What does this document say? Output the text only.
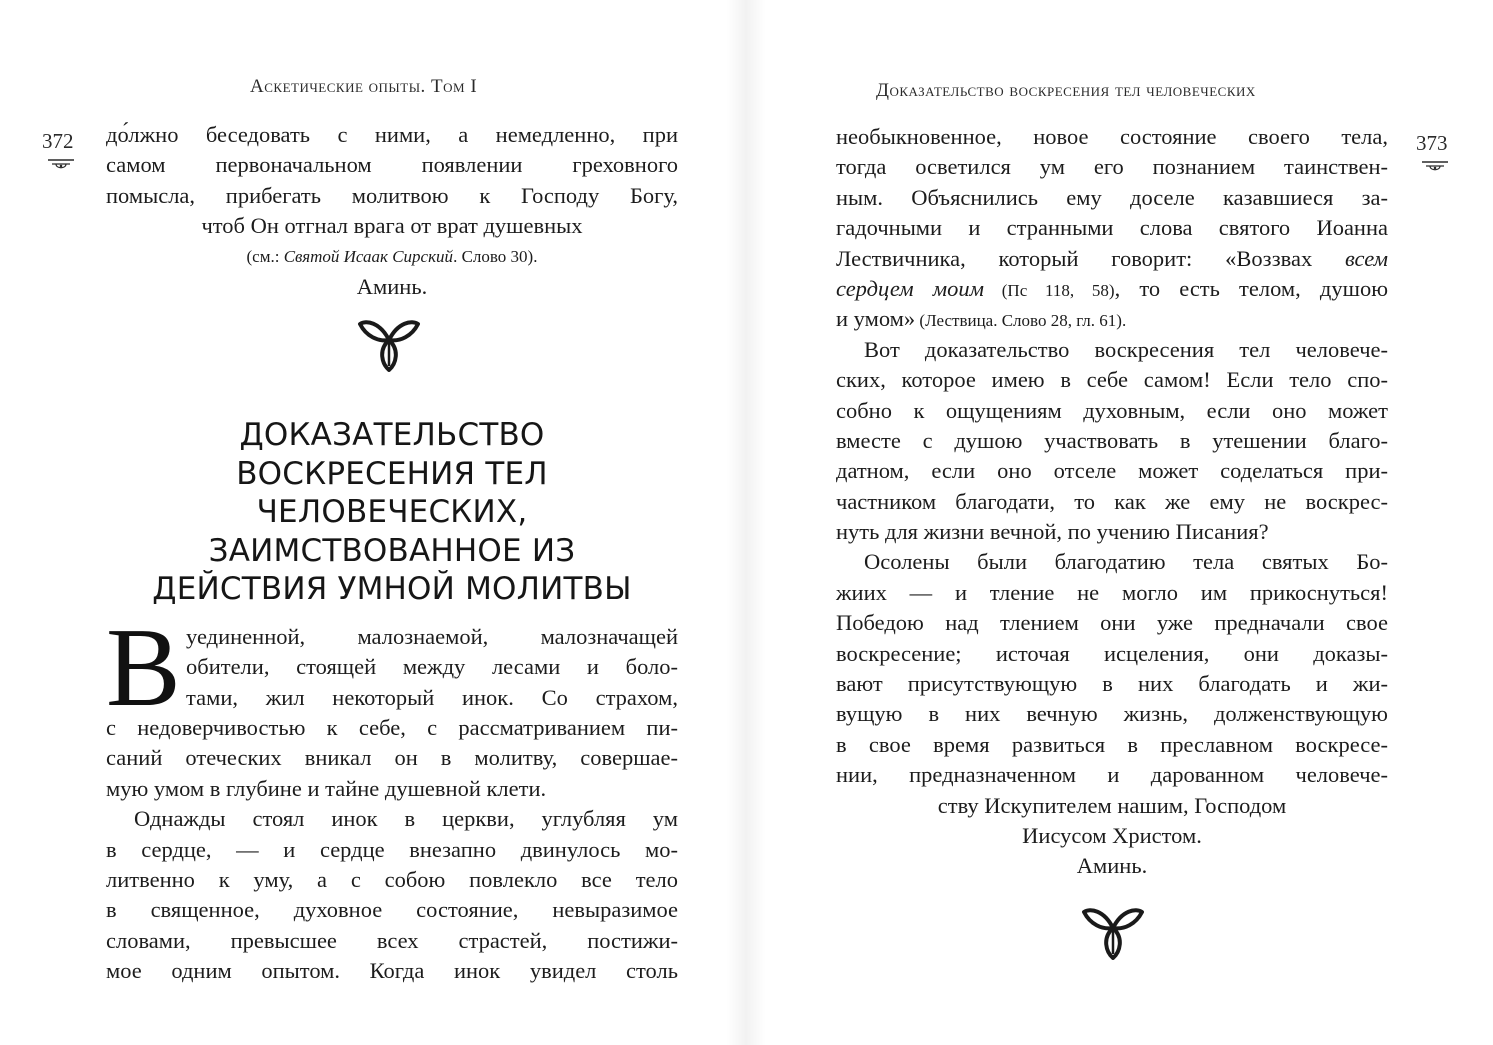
Аскетические опыты. Том I
372 до́лжно беседовать с ними, а немедленно, при
самом первоначальном появлении греховного
помысла, прибегать молитвою к Господу Богу,
чтоб Он отгнал врага от врат душевных
(см.: Святой Исаак Сирский. Слово 30).
Аминь.
ДОКАЗАТЕЛЬСТВО
ВОСКРЕСЕНИЯ ТЕЛ
ЧЕЛОВЕЧЕСКИХ,
ЗАИМСТВОВАННОЕ ИЗ
ДЕЙСТВИЯ УМНОЙ МОЛИТВЫ
В уединенной, малознаемой, малозначащей
обители, стоящей между лесами и боло-
тами, жил некоторый инок. Со страхом,
с недоверчивостью к себе, с рассматриванием пи-
саний отеческих вникал он в молитву, совершае-
мую умом в глубине и тайне душевной клети.
Однажды стоял инок в церкви, углубляя ум
в сердце, — и сердце внезапно двинулось мо-
литвенно к уму, а с собою повлекло все тело
в священное, духовное состояние, невыразимое
словами, превысшее всех страстей, постижи-
мое одним опытом. Когда инок увидел столь
Доказательство воскресения тел человеческих
373
необыкновенное, новое состояние своего тела,
тогда осветился ум его познанием таинствен-
ным. Объяснились ему доселе казавшиеся за-
гадочными и странными слова святого Иоанна
Лествичника, который говорит: «Воззвах всем
сердцем моим (Пс 118, 58), то есть телом, душою
и умом» (Лествица. Слово 28, гл. 61).
Вот доказательство воскресения тел человече-
ских, которое имею в себе самом! Если тело спо-
собно к ощущениям духовным, если оно может
вместе с душою участвовать в утешении благо-
датном, если оно отселе может соделаться при-
частником благодати, то как же ему не воскрес-
нуть для жизни вечной, по учению Писания?
Осолены были благодатию тела святых Бо-
жиих — и тление не могло им прикоснуться!
Победою над тлением они уже предначали свое
воскресение; источая исцеления, они доказы-
вают присутствующую в них благодать и жи-
вущую в них вечную жизнь, долженствующую
в свое время развиться в преславном воскресе-
нии, предназначенном и дарованном человече-
ству Искупителем нашим, Господом
Иисусом Христом.
Аминь.
